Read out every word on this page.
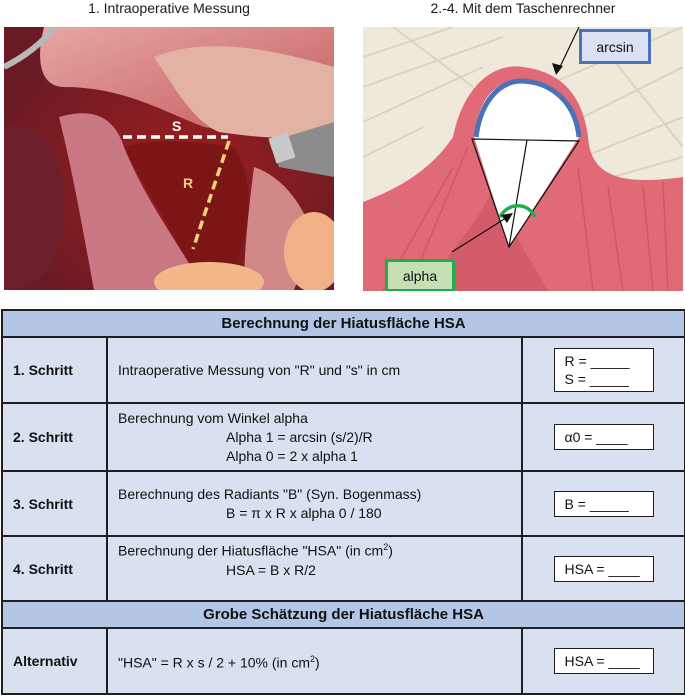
1. Intraoperative Messung	2.-4. Mit dem Taschenrechner
S
R
arcsin
alpha
Berechnung der Hiatusfläche HSA		
1. Schritt	Intraoperative Messung von "R" und "s" in cm	R = _____
S = _____

2. Schritt	Berechnung vom Winkel alpha
Alpha 1 = arcsin (s/2)/R
Alpha 0 = 2 x alpha 1	α0 = ____

3. Schritt	Berechnung des Radiants "B" (Syn. Bogenmass)
B = π x R x alpha 0 / 180	B = _____

4. Schritt	Berechnung der Hiatusfläche "HSA" (in $cm^2$)
HSA = B x R/2	HSA = ____

Grobe Schätzung der Hiatusfläche HSA		
Alternativ	"HSA" = R x s / 2 + 10% (in $cm^2$)	HSA = ____
